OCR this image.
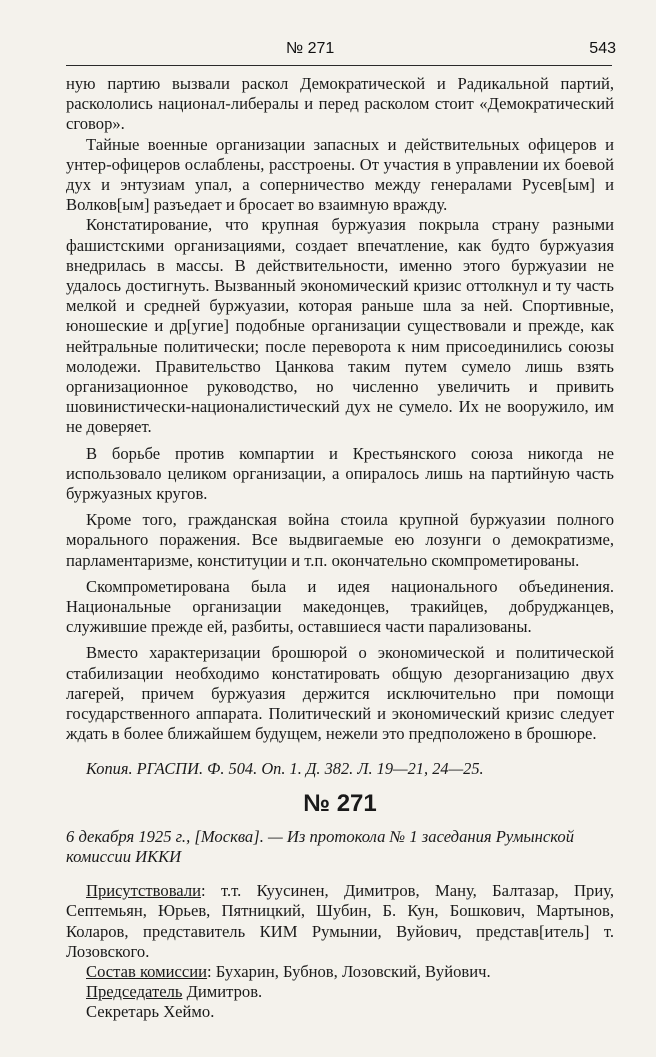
№ 271	543

ную партию вызвали раскол Демократической и Радикальной партий, раскололись национал-либералы и перед расколом стоит «Демократический сговор».

Тайные военные организации запасных и действительных офицеров и унтер-офицеров ослаблены, расстроены. От участия в управлении их боевой дух и энтузиам упал, а соперничество между генералами Русев[ым] и Волков[ым] разъедает и бросает во взаимную вражду.

Констатирование, что крупная буржуазия покрыла страну разными фашистскими организациями, создает впечатление, как будто буржуазия внедрилась в массы. В действительности, именно этого буржуазии не удалось достигнуть. Вызванный экономический кризис оттолкнул и ту часть мелкой и средней буржуазии, которая раньше шла за ней. Спортивные, юношеские и др[угие] подобные организации существовали и прежде, как нейтральные политически; после переворота к ним присоединились союзы молодежи. Правительство Цанкова таким путем сумело лишь взять организационное руководство, но численно увеличить и привить шовинистически-националистический дух не сумело. Их не вооружило, им не доверяет.

В борьбе против компартии и Крестьянского союза никогда не использовало целиком организации, а опиралось лишь на партийную часть буржуазных кругов.

Кроме того, гражданская война стоила крупной буржуазии полного морального поражения. Все выдвигаемые ею лозунги о демократизме, парламентаризме, конституции и т.п. окончательно скомпрометированы.

Скомпрометирована была и идея национального объединения. Национальные организации македонцев, тракийцев, добруджанцев, служившие прежде ей, разбиты, оставшиеся части парализованы.

Вместо характеризации брошюрой о экономической и политической стабилизации необходимо констатировать общую дезорганизацию двух лагерей, причем буржуазия держится исключительно при помощи государственного аппарата. Политический и экономический кризис следует ждать в более ближайшем будущем, нежели это предположено в брошюре.

Копия. РГАСПИ. Ф. 504. Оп. 1. Д. 382. Л. 19—21, 24—25.

№ 271

6 декабря 1925 г., [Москва]. — Из протокола № 1 заседания Румынской комиссии ИККИ

Присутствовали: т.т. Куусинен, Димитров, Ману, Балтазар, Приу, Септемьян, Юрьев, Пятницкий, Шубин, Б. Кун, Бошкович, Мартынов, Коларов, представитель КИМ Румынии, Вуйович, представ[итель] т. Лозовского.

Состав комиссии: Бухарин, Бубнов, Лозовский, Вуйович.

Председатель Димитров.

Секретарь Хеймо.
